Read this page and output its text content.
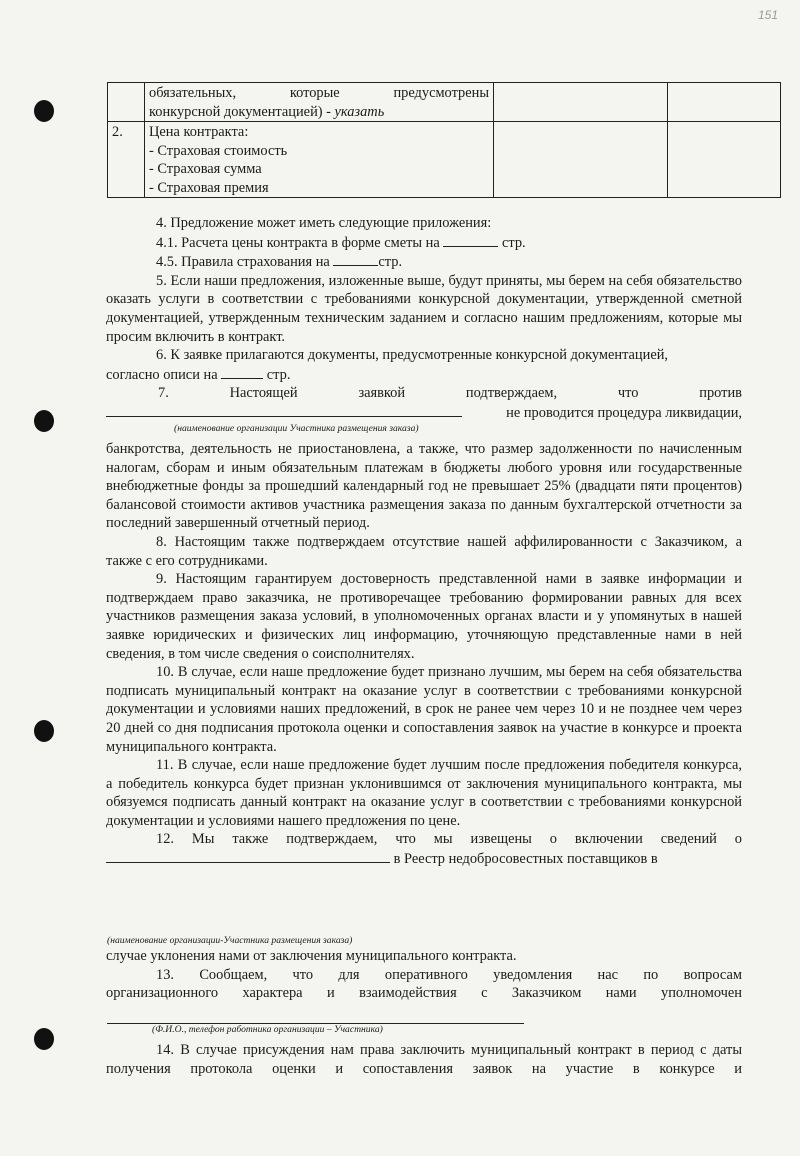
151

	обязательных, которые предусмотрены
конкурсной документацией) - указать		

2.	Цена контракта:
- Страховая стоимость
- Страховая сумма
- Страховая премия		

4. Предложение может иметь следующие приложения:

4.1. Расчета цены контракта в форме сметы на	стр.

4.5. Правила страхования на	стр.

5. Если наши предложения, изложенные выше, будут приняты, мы берем на себя обязательство оказать услуги в соответствии с требованиями конкурсной документации, утвержденной сметной документацией, утвержденным техническим заданием и согласно нашим предложениям, которые мы просим включить в контракт.

6. К заявке прилагаются документы, предусмотренные конкурсной документацией,

согласно описи на	стр.

7.	Настоящей	заявкой	подтверждаем,	что	против
не проводится процедура ликвидации,
(наименование организации Участника размещения заказа)

банкротства, деятельность не приостановлена, а также, что размер задолженности по начисленным налогам, сборам и иным обязательным платежам в бюджеты любого уровня или государственные внебюджетные фонды за прошедший календарный год не превышает 25% (двадцати пяти процентов) балансовой стоимости активов участника размещения заказа по данным бухгалтерской отчетности за последний завершенный отчетный период.

8. Настоящим также подтверждаем отсутствие нашей аффилированности с Заказчиком, а также с его сотрудниками.

9. Настоящим гарантируем достоверность представленной нами в заявке информации и подтверждаем право заказчика, не противоречащее требованию формировании равных для всех участников размещения заказа условий, в уполномоченных органах власти и у упомянутых в нашей заявке юридических и физических лиц информацию, уточняющую представленные нами в ней сведения, в том числе сведения о соисполнителях.

10. В случае, если наше предложение будет признано лучшим, мы берем на себя обязательства подписать муниципальный контракт на оказание услуг в соответствии с требованиями конкурсной документации и условиями наших предложений, в срок не ранее чем через 10 и не позднее чем через 20 дней со дня подписания протокола оценки и сопоставления заявок на участие в конкурсе и проекта муниципального контракта.

11. В случае, если наше предложение будет лучшим после предложения победителя конкурса, а победитель конкурса будет признан уклонившимся от заключения муниципального контракта, мы обязуемся подписать данный контракт на оказание услуг в соответствии с требованиями конкурсной документации и условиями нашего предложения по цене.

12. Мы также подтверждаем, что мы извещены о включении сведений о

в Реестр недобросовестных поставщиков в
(наименование организации-Участника размещения заказа)

случае уклонения нами от заключения муниципального контракта.

13. Сообщаем, что для оперативного уведомления нас по вопросам

организационного характера и взаимодействия с Заказчиком нами уполномочен

(Ф.И.О., телефон работника организации – Участника)

14. В случае присуждения нам права заключить муниципальный контракт в период с даты получения протокола оценки и сопоставления заявок на участие в конкурсе и
